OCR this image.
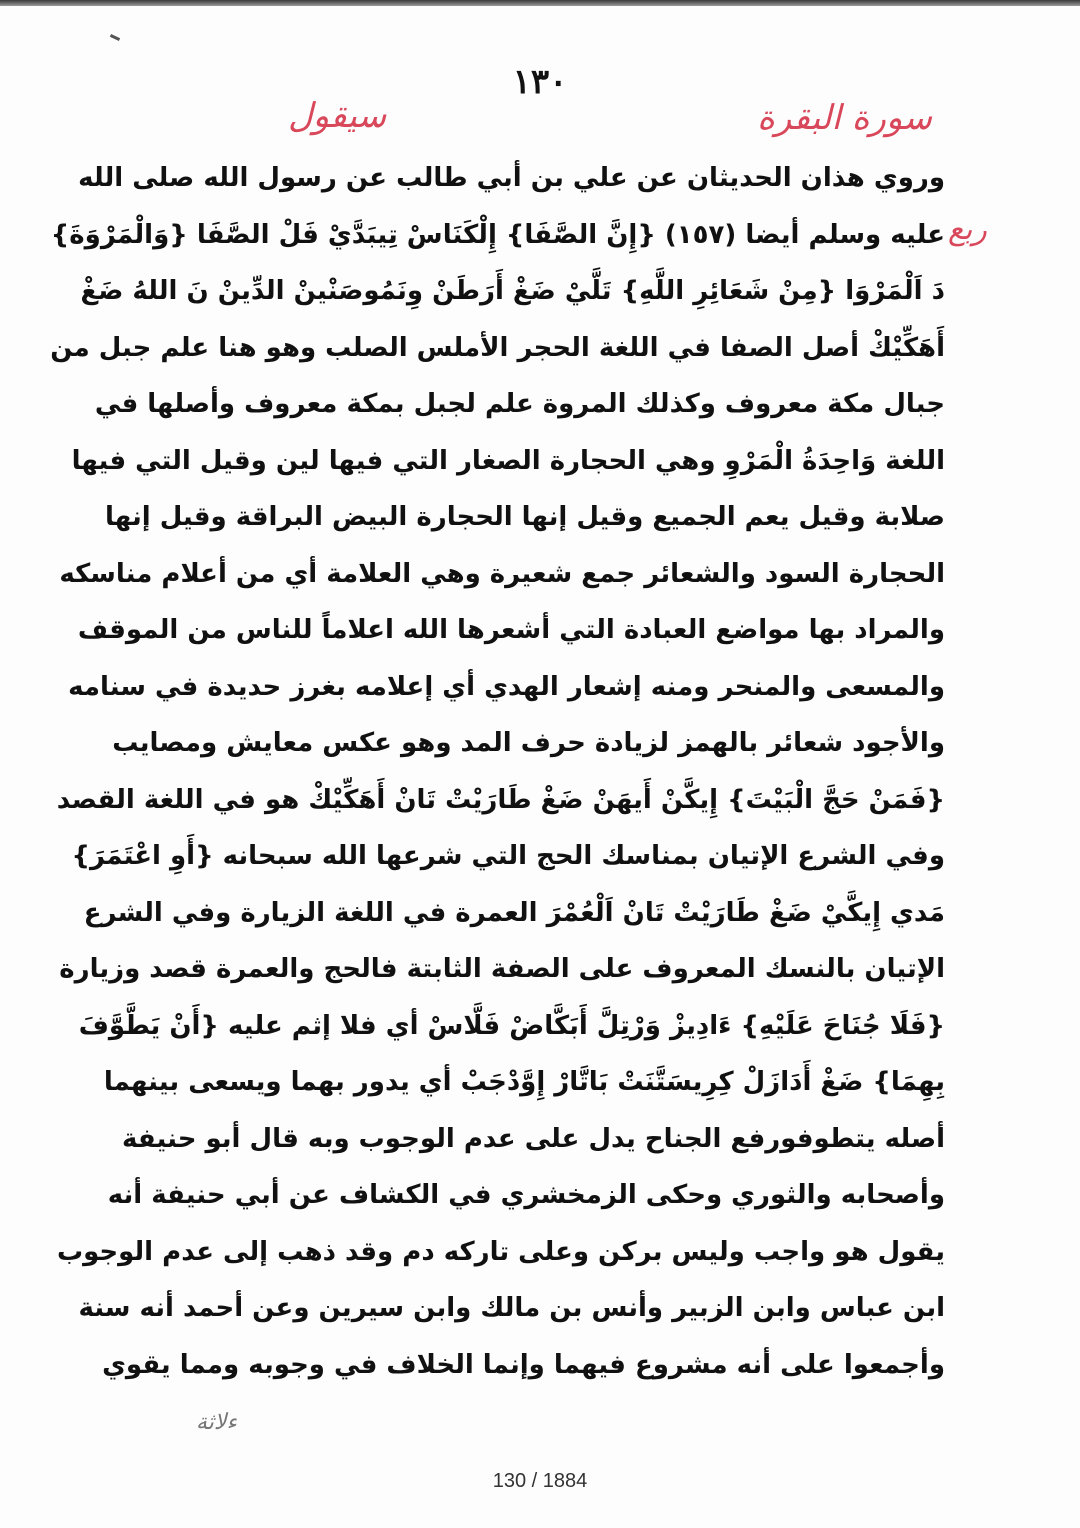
١٣٠
سورة البقرة
سيقول
ربع
وروي هذان الحديثان عن علي بن أبي طالب عن رسول الله صلى الله
عليه وسلم أيضا (١٥٧) {إِنَّ الصَّفَا} إِلْكَنَاسْ تِيبَدَّيْ فَلْ الصَّفَا {وَالْمَرْوَةَ}
دَ اَلْمَرْوَا {مِنْ شَعَائِرِ اللَّهِ} تَلَّيْ ضَغْ أَرَطَنْ وِنَمُوصَنْينْ الدِّينْ نَ اللهُ ضَغْ
أَهَكِّيْكْ أصل الصفا في اللغة الحجر الأملس الصلب وهو هنا علم جبل من
جبال مكة معروف وكذلك المروة علم لجبل بمكة معروف وأصلها في
اللغة وَاحِدَةُ الْمَرْوِ وهي الحجارة الصغار التي فيها لين وقيل التي فيها
صلابة وقيل يعم الجميع وقيل إنها الحجارة البيض البراقة وقيل إنها
الحجارة السود والشعائر جمع شعيرة وهي العلامة أي من أعلام مناسكه
والمراد بها مواضع العبادة التي أشعرها الله اعلاماً للناس من الموقف
والمسعى والمنحر ومنه إشعار الهدي أي إعلامه بغرز حديدة في سنامه
والأجود شعائر بالهمز لزيادة حرف المد وهو عكس معايش ومصايب
{فَمَنْ حَجَّ الْبَيْتَ} إِيكَّنْ أَيهَنْ ضَغْ طَارَيْتْ تَانْ أَهَكِّيْكْ هو في اللغة القصد
وفي الشرع الإتيان بمناسك الحج التي شرعها الله سبحانه {أَوِ اعْتَمَرَ}
مَدي إِيكَّيْ ضَغْ طَارَيْتْ تَانْ اَلْعُمْرَ العمرة في اللغة الزيارة وفي الشرع
الإتيان بالنسك المعروف على الصفة الثابتة فالحج والعمرة قصد وزيارة
{فَلَا جُنَاحَ عَلَيْهِ} ءَادِيزْ وَرْتِلَّ أَبَكَّاضْ فَلَّاسْ أي فلا إثم عليه {أَنْ يَطَّوَّفَ
بِهِمَا} ضَغْ أَدَازَلْ كِرِيسَتَّنَتْ بَاتَّارْ إِوَّدْجَبْ أي يدور بهما ويسعى بينهما
أصله يتطوفورفع الجناح يدل على عدم الوجوب وبه قال أبو حنيفة
وأصحابه والثوري وحكى الزمخشري في الكشاف عن أبي حنيفة أنه
يقول هو واجب وليس بركن وعلى تاركه دم وقد ذهب إلى عدم الوجوب
ابن عباس وابن الزبير وأنس بن مالك وابن سيرين وعن أحمد أنه سنة
وأجمعوا على أنه مشروع فيهما وإنما الخلاف في وجوبه ومما يقوي
ءلاثة
130 / 1884
